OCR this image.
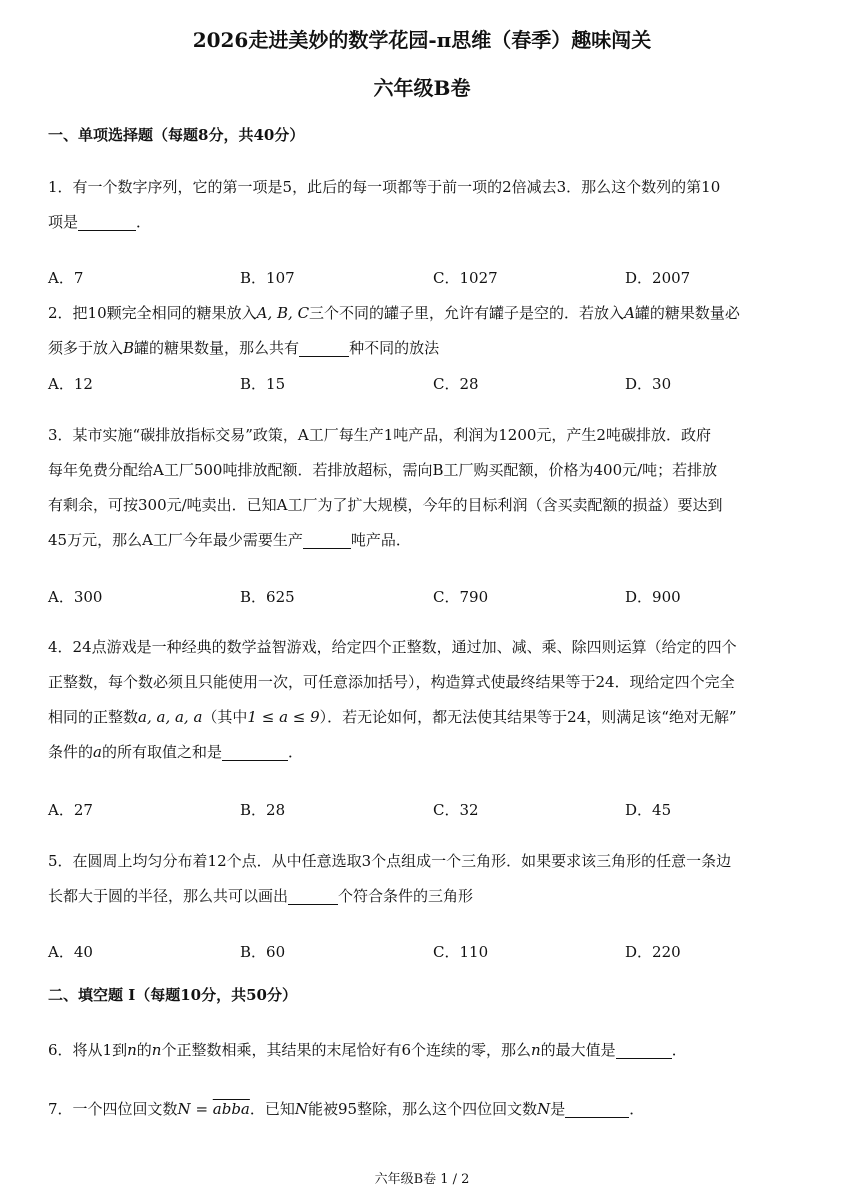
2026走进美妙的数学花园-π思维（春季）趣味闯关
六年级B卷
一、单项选择题（每题8分，共40分）
1．有一个数字序列，它的第一项是5，此后的每一项都等于前一项的2倍减去3．那么这个数列的第10
项是	．
A．7	B．107	C．1027	D．2007
2．把10颗完全相同的糖果放入A, B, C三个不同的罐子里，允许有罐子是空的．若放入A罐的糖果数量必
须多于放入B罐的糖果数量，那么共有	种不同的放法
A．12	B．15	C．28	D．30
3．某市实施“碳排放指标交易”政策，A工厂每生产1吨产品，利润为1200元，产生2吨碳排放．政府
每年免费分配给A工厂500吨排放配额．若排放超标，需向B工厂购买配额，价格为400元/吨；若排放
有剩余，可按300元/吨卖出．已知A工厂为了扩大规模，今年的目标利润（含买卖配额的损益）要达到
45万元，那么A工厂今年最少需要生产	吨产品．
A．300	B．625	C．790	D．900
4．24点游戏是一种经典的数学益智游戏，给定四个正整数，通过加、减、乘、除四则运算（给定的四个
正整数，每个数必须且只能使用一次，可任意添加括号），构造算式使最终结果等于24．现给定四个完全
相同的正整数a, a, a, a（其中1 ≤ a ≤ 9）．若无论如何，都无法使其结果等于24，则满足该“绝对无解”
条件的a的所有取值之和是	．
A．27	B．28	C．32	D．45
5．在圆周上均匀分布着12个点．从中任意选取3个点组成一个三角形．如果要求该三角形的任意一条边
长都大于圆的半径，那么共可以画出	个符合条件的三角形
A．40	B．60	C．110	D．220
二、填空题 I（每题10分，共50分）
6．将从1到n的n个正整数相乘，其结果的末尾恰好有6个连续的零，那么n的最大值是	．
7．一个四位回文数N = abba．已知N能被95整除，那么这个四位回文数N是	．
六年级B卷 1 / 2
